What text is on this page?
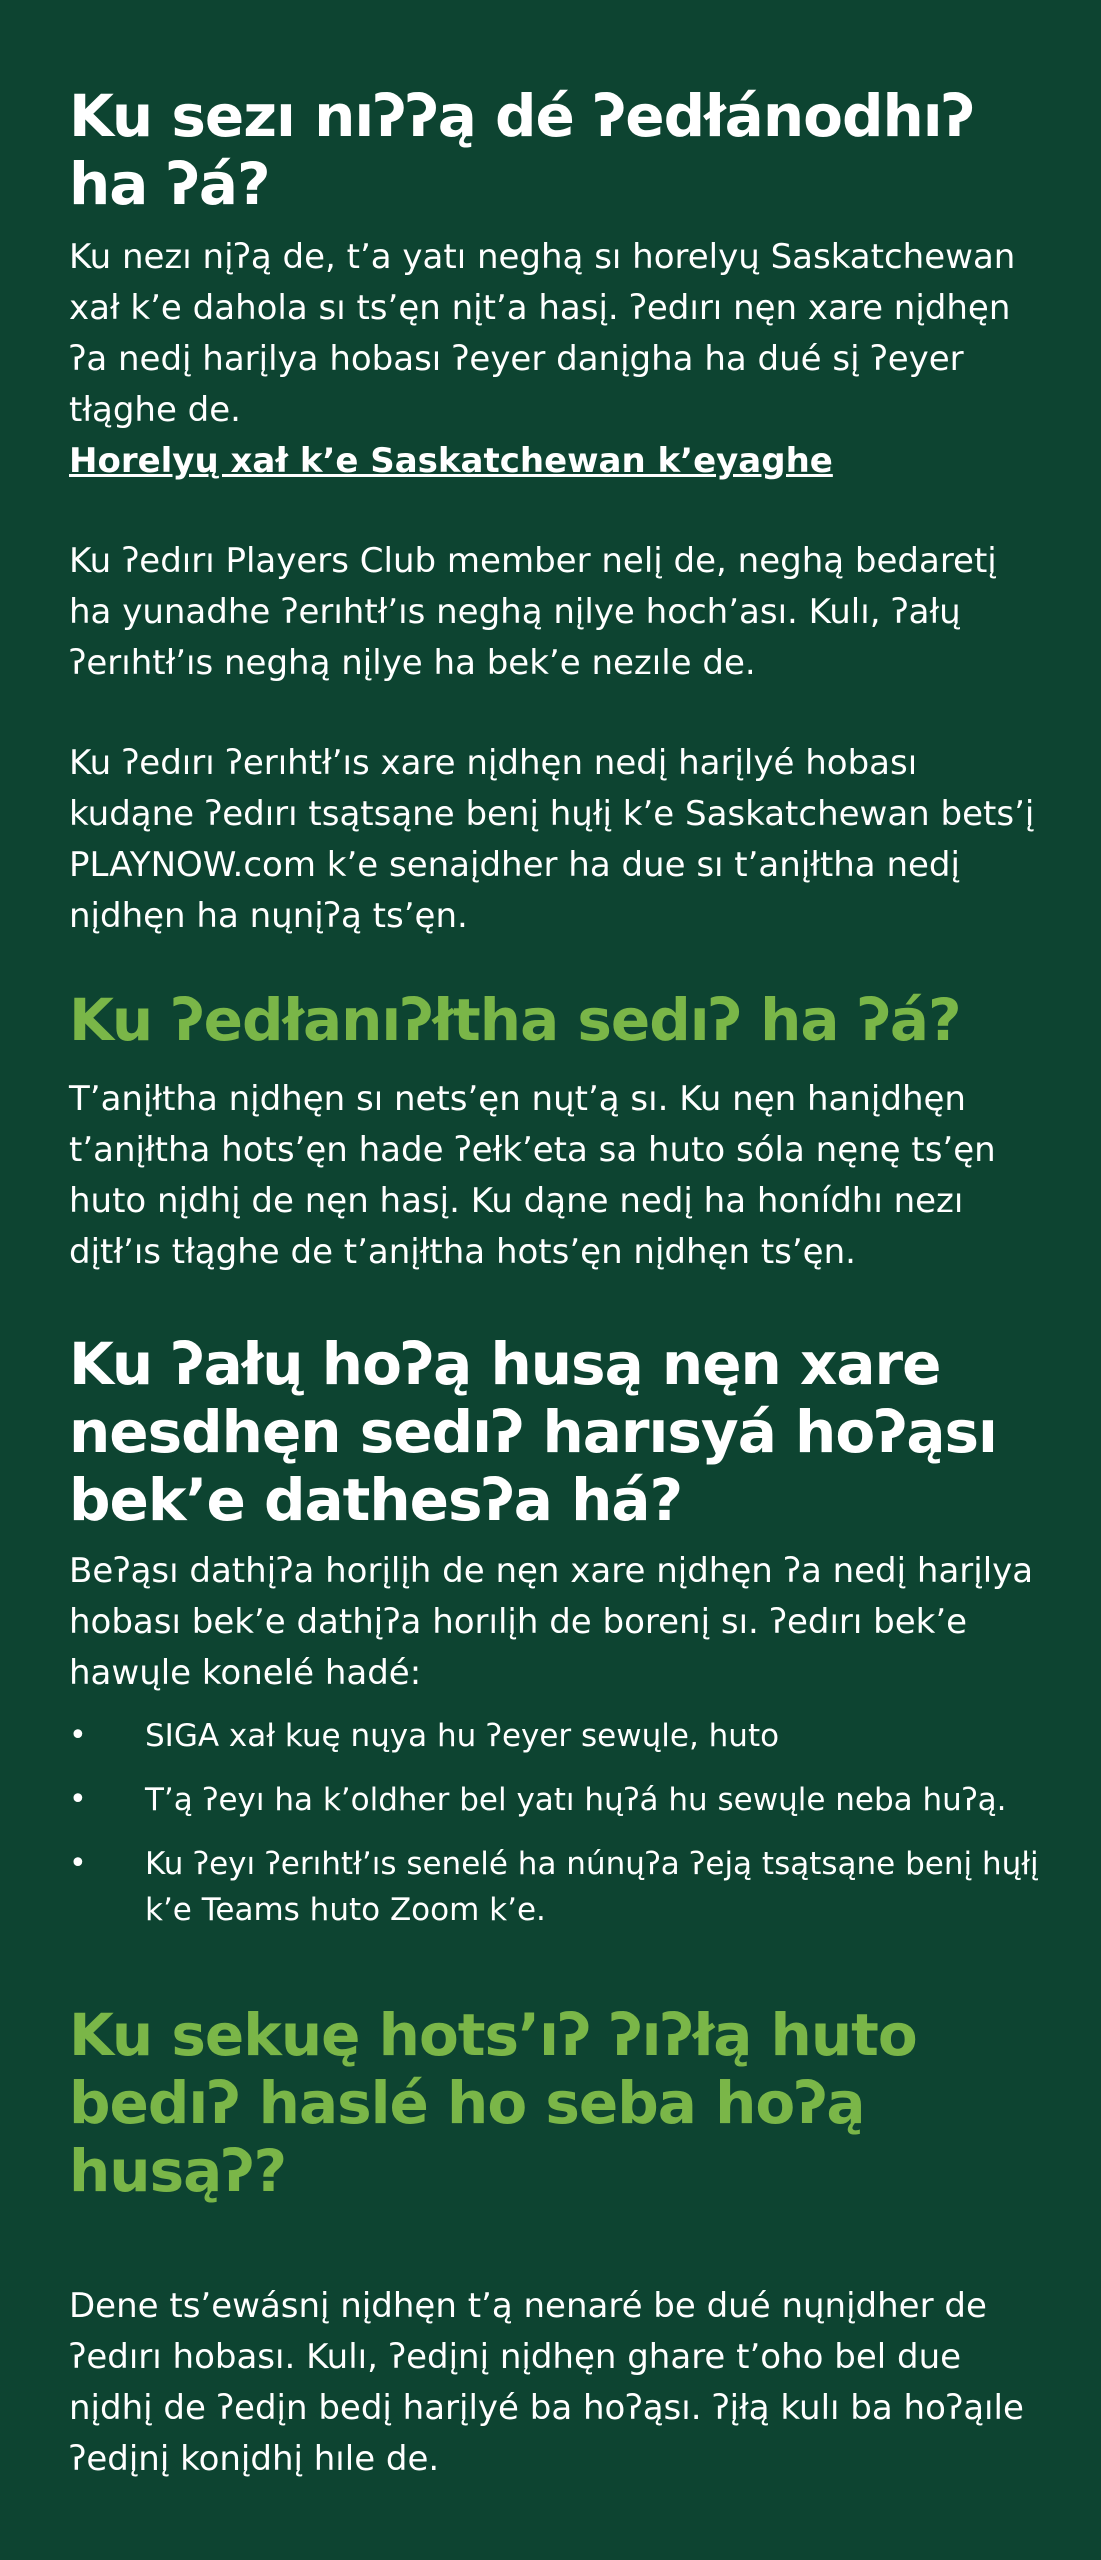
Ku sezı nıʔʔą dé ʔedłánodhıʔ ha ʔá?

Ku nezı nįʔą de, t’a yatı neghą sı horelyų Saskatchewan xał k’e dahola sı ts’ęn nįt’a hasį. ʔedırı nęn xare nįdhęn ʔa nedį harįlya hobası ʔeyer danįgha ha dué sį ʔeyer tłąghe de.
Horelyų xał k’e Saskatchewan k’eyaghe

Ku ʔedırı Players Club member nelį de, neghą bedaretį ha yunadhe ʔerıhtł’ıs neghą nįlye hoch’ası. Kulı, ʔałų ʔerıhtł’ıs neghą nįlye ha bek’e nezıle de.

Ku ʔedırı ʔerıhtł’ıs xare nįdhęn nedį harįlyé hobası kudąne ʔedırı tsątsąne benį hųłį k’e Saskatchewan bets’į PLAYNOW.com k’e senaįdher ha due sı t’anįłtha nedį nįdhęn ha nųnįʔą ts’ęn.

Ku ʔedłanıʔłtha sedıʔ ha ʔá?

T’anįłtha nįdhęn sı nets’ęn nųt’ą sı. Ku nęn hanįdhęn t’anįłtha hots’ęn hade ʔełk’eta sa huto sóla nęnę ts’ęn huto nįdhį de nęn hasį. Ku dąne nedį ha honídhı nezı dįtł’ıs tłąghe de t’anįłtha hots’ęn nįdhęn ts’ęn.

Ku ʔałų hoʔą husą nęn xare nesdhęn sedıʔ harısyá hoʔąsı bek’e dathesʔa há?

Beʔąsı dathįʔa horįlįh de nęn xare nįdhęn ʔa nedį harįlya hobası bek’e dathįʔa horılįh de borenį sı. ʔedırı bek’e hawųle konelé hadé:

• SIGA xał kuę nųya hu ʔeyer sewųle, huto
• T’ą ʔeyı ha k’oldher bel yatı hųʔá hu sewųle neba huʔą.
• Ku ʔeyı ʔerıhtł’ıs senelé ha núnųʔa ʔeją tsątsąne benį hųłį k’e Teams huto Zoom k’e.
Ku sekuę hots’ıʔ ʔıʔłą huto bedıʔ haslé ho seba hoʔą husąʔ?

Dene ts’ewásnį nįdhęn t’ą nenaré be dué nųnįdher de ʔedırı hobası. Kulı, ʔedįnį nįdhęn ghare t’oho bel due nįdhį de ʔedįn bedį harįlyé ba hoʔąsı. ʔįłą kulı ba hoʔąıle ʔedįnį konįdhį hıle de.
